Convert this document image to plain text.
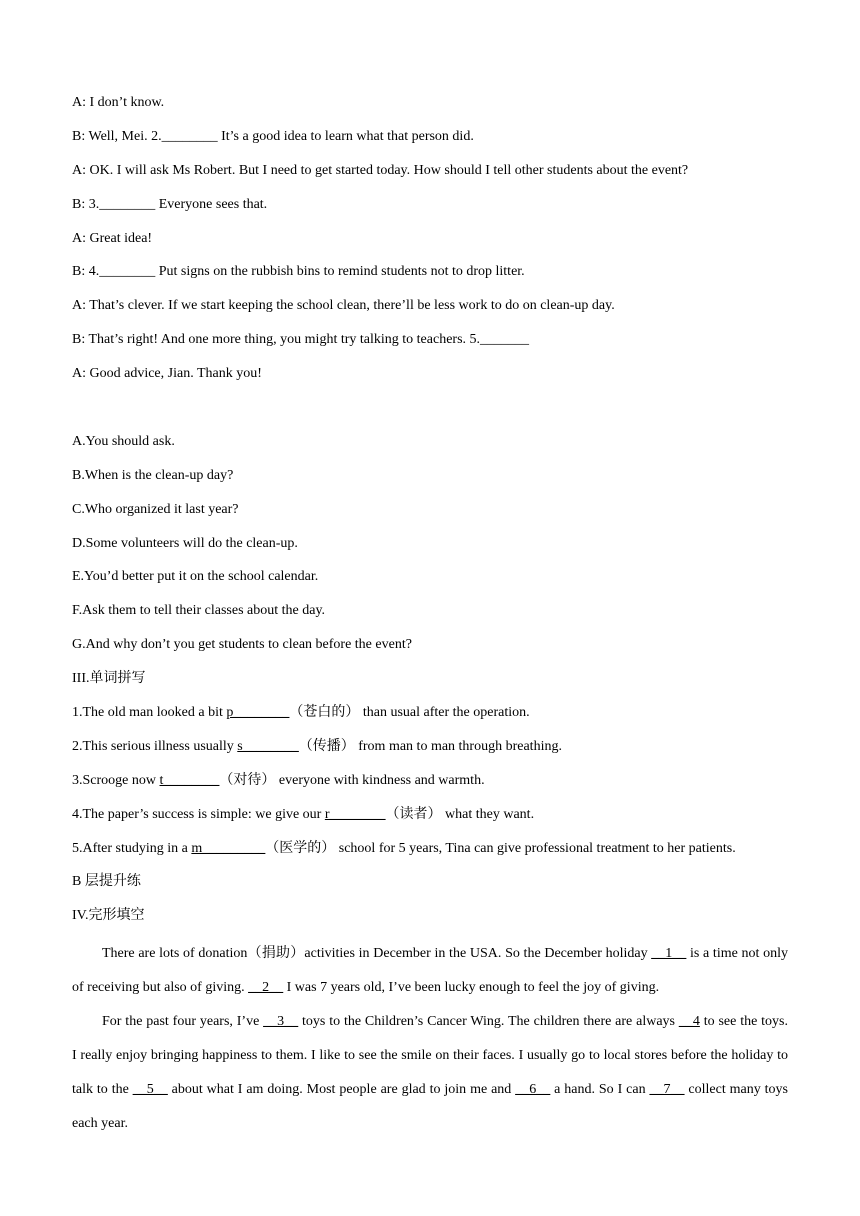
A: I don’t know.
B: Well, Mei. 2.________ It’s a good idea to learn what that person did.
A: OK. I will ask Ms Robert. But I need to get started today. How should I tell other students about the event?
B: 3.________ Everyone sees that.
A: Great idea!
B: 4.________ Put signs on the rubbish bins to remind students not to drop litter.
A: That’s clever. If we start keeping the school clean, there’ll be less work to do on clean-up day.
B: That’s right! And one more thing, you might try talking to teachers. 5._______
A: Good advice, Jian. Thank you!
A.You should ask.
B.When is the clean-up day?
C.Who organized it last year?
D.Some volunteers will do the clean-up.
E.You’d better put it on the school calendar.
F.Ask them to tell their classes about the day.
G.And why don’t you get students to clean before the event?
III.单词拼写
1.The old man looked a bit p________（苍白的） than usual after the operation.
2.This serious illness usually s________（传播） from man to man through breathing.
3.Scrooge now t________（对待） everyone with kindness and warmth.
4.The paper’s success is simple: we give our r________（读者） what they want.
5.After studying in a m_________（医学的） school for 5 years, Tina can give professional treatment to her patients.
B 层提升练
IV.完形填空

There are lots of donation（捐助）activities in December in the USA. So the December holiday __1__ is a time not only of receiving but also of giving. __2__ I was 7 years old, I’ve been lucky enough to feel the joy of giving.

For the past four years, I’ve __3__ toys to the Children’s Cancer Wing. The children there are always __4 to see the toys. I really enjoy bringing happiness to them. I like to see the smile on their faces. I usually go to local stores before the holiday to talk to the __5__ about what I am doing. Most people are glad to join me and __6__ a hand. So I can __7__ collect many toys each year.
